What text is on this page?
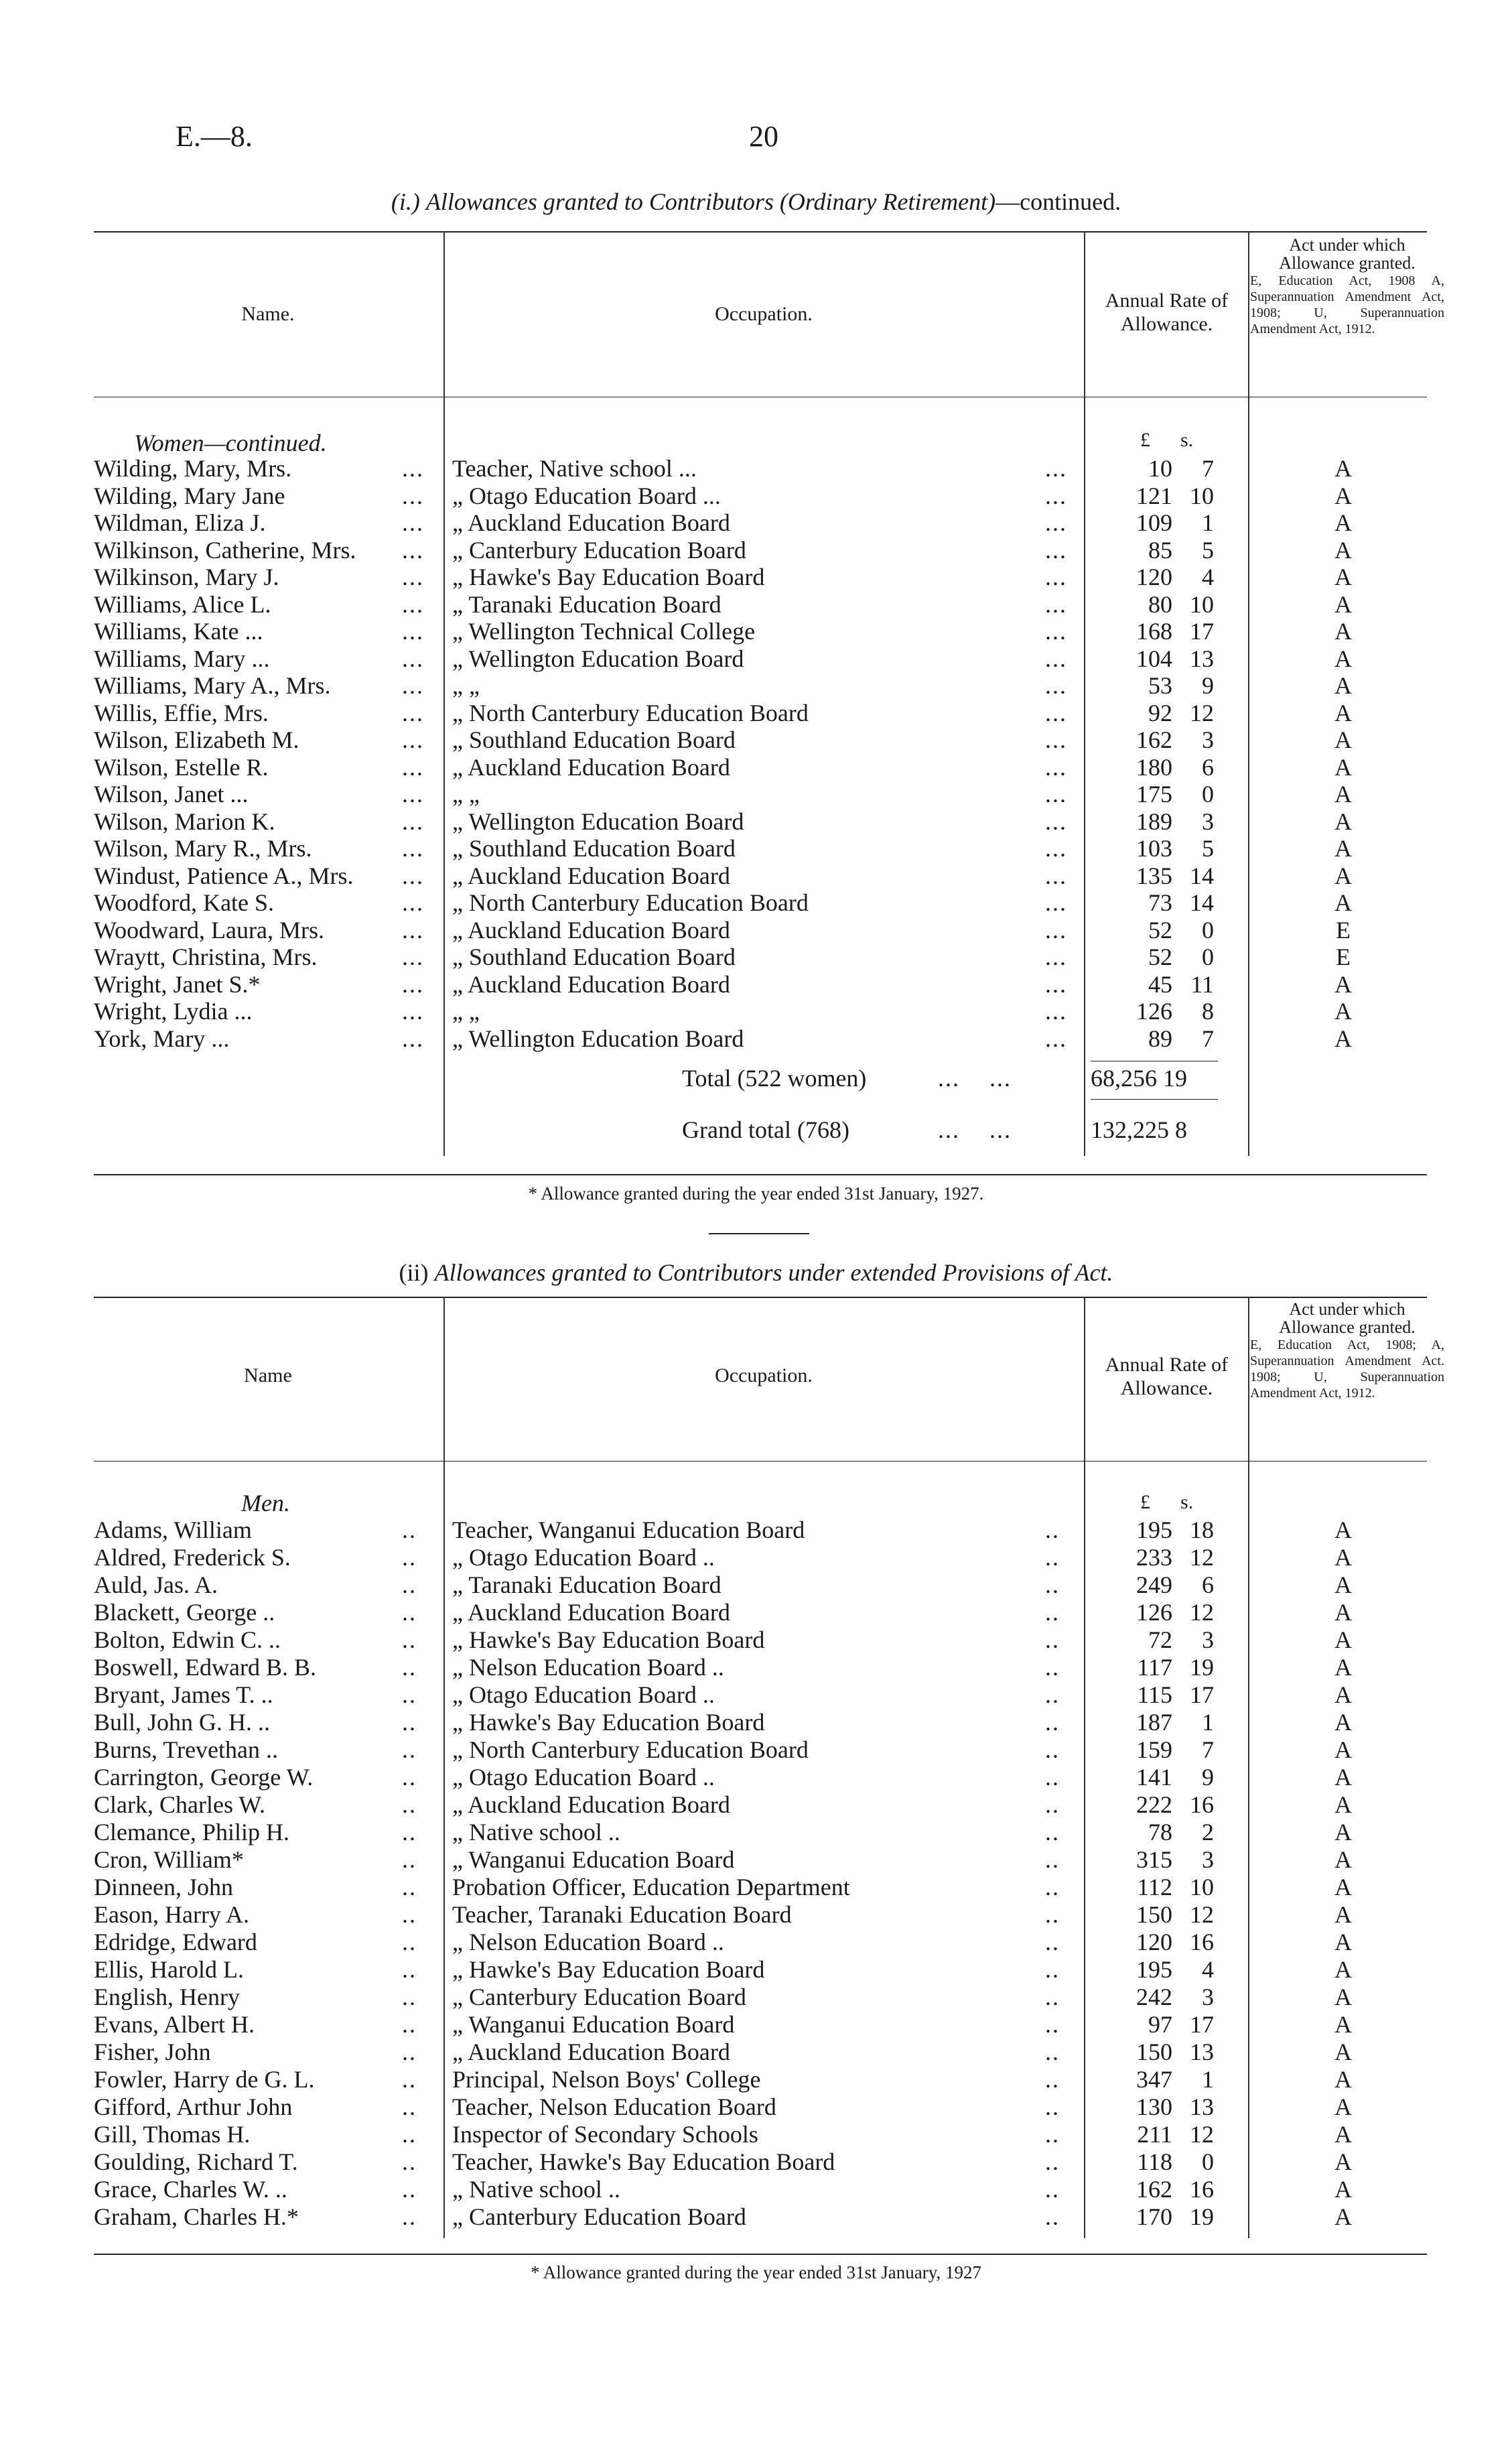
E.—8.	20
(i.) Allowances granted to Contributors (Ordinary Retirement)—continued.
Name.	Occupation.
Annual Rate of Allowance.
Act under which Allowance granted.
E, Education Act, 1908 A, Superannuation Amendment Act, 1908; U, Superannuation Amendment Act, 1912.
Women—continued.	£ s.
Wilding, Mary, Mrs.	... Teacher, Native school ...	...	10	7	A
Wilding, Mary Jane	... „ Otago Education Board ...	...	121 10	A
Wildman, Eliza J.	... „ Auckland Education Board	...	109	1	A
Wilkinson, Catherine, Mrs. ... „ Canterbury Education Board	...	85	5	A
Wilkinson, Mary J.	... „ Hawke's Bay Education Board	...	120	4	A
Williams, Alice L.	... „ Taranaki Education Board	...	80 10	A
Williams, Kate ...	... „ Wellington Technical College	...	168 17	A
Williams, Mary ...	... „ Wellington Education Board	...	104 13	A
Williams, Mary A., Mrs.	... „ „	...	53	9	A
Willis, Effie, Mrs.	... „ North Canterbury Education Board	...	92 12	A
Wilson, Elizabeth M.	... „ Southland Education Board	...	162	3	A
Wilson, Estelle R.	... „ Auckland Education Board	...	180	6	A
Wilson, Janet ...	... „ „	...	175	0	A
Wilson, Marion K.	... „ Wellington Education Board	...	189	3	A
Wilson, Mary R., Mrs.	... „ Southland Education Board	...	103	5	A
Windust, Patience A., Mrs. ... „ Auckland Education Board	...	135 14	A
Woodford, Kate S.	... „ North Canterbury Education Board	...	73 14	A
Woodward, Laura, Mrs.	... „ Auckland Education Board	...	52	0	E
Wraytt, Christina, Mrs.	... „ Southland Education Board	...	52	0	E
Wright, Janet S.*	... „ Auckland Education Board	...	45 11	A
Wright, Lydia ...	... „ „	...	126	8	A
York, Mary ...	... „ Wellington Education Board	...	89	7	A
Total (522 women)	...    ...	68,256 19
Grand total (768)	...    ...	132,225 8
* Allowance granted during the year ended 31st January, 1927.
(ii) Allowances granted to Contributors under extended Provisions of Act.
Name	Occupation.	Annual Rate of Allowance.
Act under which Allowance granted.
E, Education Act, 1908; A, Superannuation Amendment Act. 1908; U, Superannuation Amendment Act, 1912.
Men.	£ s.
Adams, William	.. Teacher, Wanganui Education Board	..	195 18	A
Aldred, Frederick S.	.. „ Otago Education Board ..	..	233 12	A
Auld, Jas. A.	.. „ Taranaki Education Board	..	249	6	A
Blackett, George ..	.. „ Auckland Education Board	..	126 12	A
Bolton, Edwin C. ..	.. „ Hawke's Bay Education Board	..	72	3	A
Boswell, Edward B. B.	.. „ Nelson Education Board ..	..	117 19	A
Bryant, James T. ..	.. „ Otago Education Board ..	..	115 17	A
Bull, John G. H. ..	.. „ Hawke's Bay Education Board	..	187	1	A
Burns, Trevethan ..	.. „ North Canterbury Education Board	..	159	7	A
Carrington, George W.	.. „ Otago Education Board ..	..	141	9	A
Clark, Charles W.	.. „ Auckland Education Board	..	222 16	A
Clemance, Philip H.	.. „ Native school ..	..	78	2	A
Cron, William*	.. „ Wanganui Education Board	..	315	3	A
Dinneen, John	.. Probation Officer, Education Department	..	112 10	A
Eason, Harry A.	.. Teacher, Taranaki Education Board	..	150 12	A
Edridge, Edward	.. „ Nelson Education Board ..	..	120 16	A
Ellis, Harold L.	.. „ Hawke's Bay Education Board	..	195	4	A
English, Henry	.. „ Canterbury Education Board	..	242	3	A
Evans, Albert H.	.. „ Wanganui Education Board	..	97 17	A
Fisher, John	.. „ Auckland Education Board	..	150 13	A
Fowler, Harry de G. L.	.. Principal, Nelson Boys' College	..	347	1	A
Gifford, Arthur John	.. Teacher, Nelson Education Board	..	130 13	A
Gill, Thomas H.	.. Inspector of Secondary Schools	..	211 12	A
Goulding, Richard T.	.. Teacher, Hawke's Bay Education Board	..	118	0	A
Grace, Charles W. ..	.. „ Native school ..	..	162 16	A
Graham, Charles H.*	.. „ Canterbury Education Board	..	170 19	A
* Allowance granted during the year ended 31st January, 1927
